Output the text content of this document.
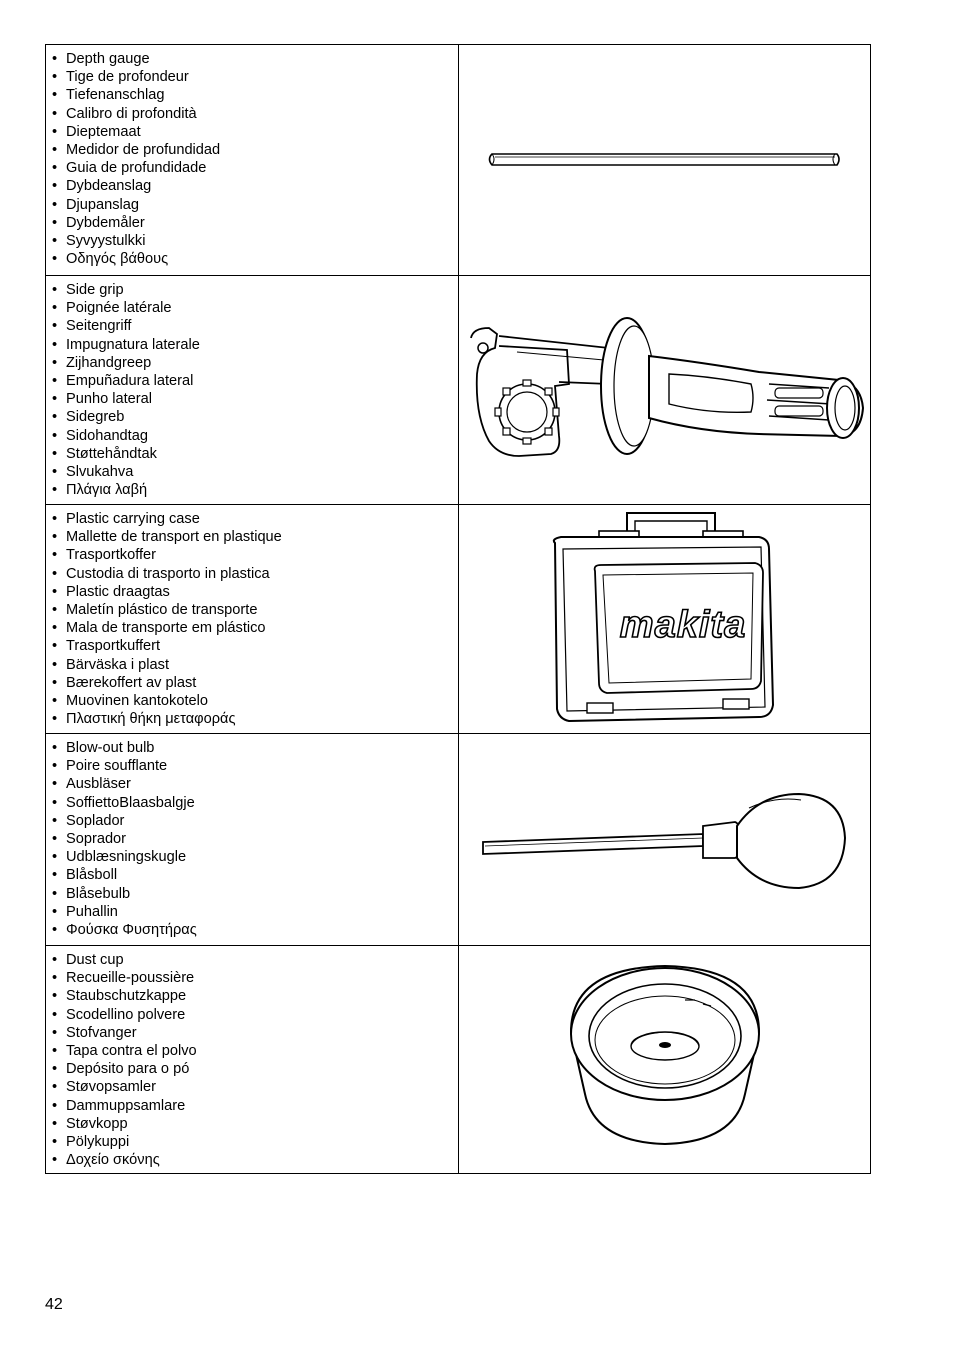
• Depth gauge
• Tige de profondeur
• Tiefenanschlag
• Calibro di profondità
• Dieptemaat
• Medidor de profundidad
• Guia de profundidade
• Dybdeanslag
• Djupanslag
• Dybdemåler
• Syvyystulkki
• Οδηγός βάθους
• Side grip
• Poignée latérale
• Seitengriff
• Impugnatura laterale
• Zijhandgreep
• Empuñadura lateral
• Punho lateral
• Sidegreb
• Sidohandtag
• Støttehåndtak
• Slvukahva
• Πλάγια λαβή
• Plastic carrying case
• Mallette de transport en plastique
• Trasportkoffer
• Custodia di trasporto in plastica
• Plastic draagtas
• Maletín plástico de transporte
• Mala de transporte em plástico
• Trasportkuffert
• Bärväska i plast
• Bærekoffert av plast
• Muovinen kantokotelo
• Πλαστική θήκη μεταφοράς
makita
• Blow-out bulb
• Poire soufflante
• Ausbläser
• SoffiettoBlaasbalgje
• Soplador
• Soprador
• Udblæsningskugle
• Blåsboll
• Blåsebulb
• Puhallin
• Φούσκα Φυσητήρας
• Dust cup
• Recueille-poussière
• Staubschutzkappe
• Scodellino polvere
• Stofvanger
• Tapa contra el polvo
• Depósito para o pó
• Støvopsamler
• Dammuppsamlare
• Støvkopp
• Pölykuppi
• Δοχείο σκόνης
42
